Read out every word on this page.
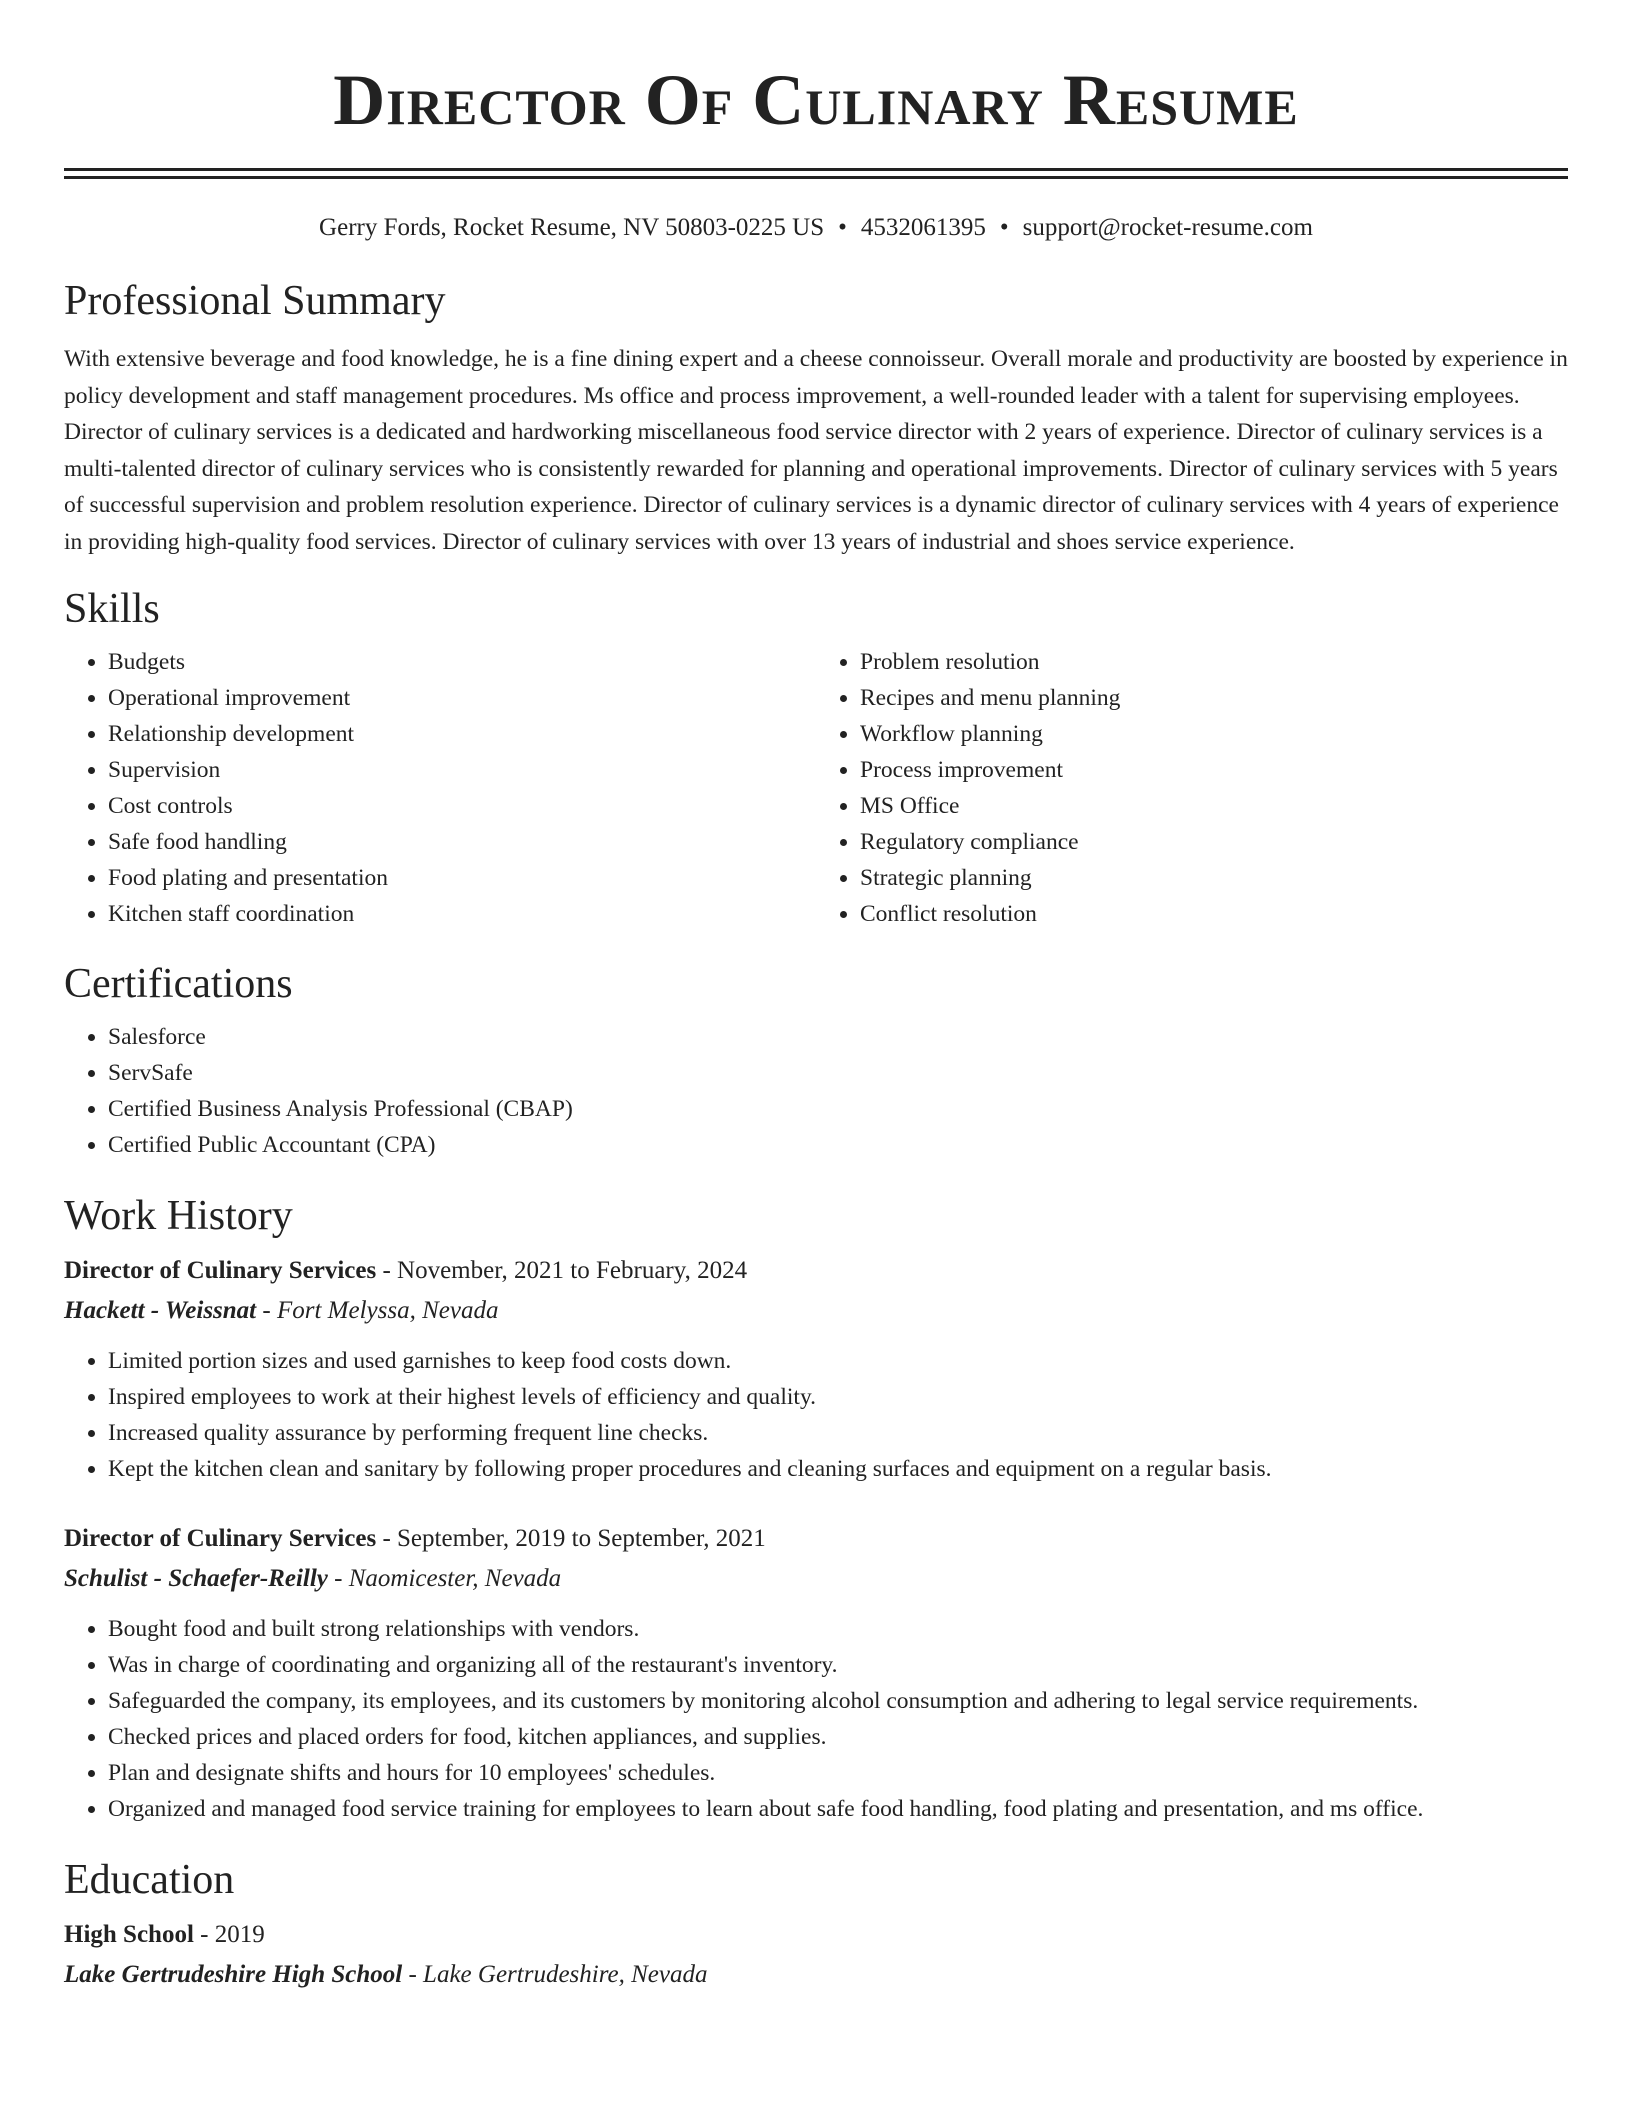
Director Of Culinary Resume
Gerry Fords, Rocket Resume, NV 50803-0225 US • 4532061395 • support@rocket-resume.com
Professional Summary

With extensive beverage and food knowledge, he is a fine dining expert and a cheese connoisseur. Overall morale and productivity are boosted by experience in policy development and staff management procedures. Ms office and process improvement, a well-rounded leader with a talent for supervising employees. Director of culinary services is a dedicated and hardworking miscellaneous food service director with 2 years of experience. Director of culinary services is a multi-talented director of culinary services who is consistently rewarded for planning and operational improvements. Director of culinary services with 5 years of successful supervision and problem resolution experience. Director of culinary services is a dynamic director of culinary services with 4 years of experience in providing high-quality food services. Director of culinary services with over 13 years of industrial and shoes service experience.

Skills
• Budgets
• Operational improvement
• Relationship development
• Supervision
• Cost controls
• Safe food handling
• Food plating and presentation
• Kitchen staff coordination
• Problem resolution
• Recipes and menu planning
• Workflow planning
• Process improvement
• MS Office
• Regulatory compliance
• Strategic planning
• Conflict resolution
Certifications
• Salesforce
• ServSafe
• Certified Business Analysis Professional (CBAP)
• Certified Public Accountant (CPA)
Work History

Director of Culinary Services - November, 2021 to February, 2024

Hackett - Weissnat - Fort Melyssa, Nevada

• Limited portion sizes and used garnishes to keep food costs down.
• Inspired employees to work at their highest levels of efficiency and quality.
• Increased quality assurance by performing frequent line checks.
• Kept the kitchen clean and sanitary by following proper procedures and cleaning surfaces and equipment on a regular basis.

Director of Culinary Services - September, 2019 to September, 2021

Schulist - Schaefer-Reilly - Naomicester, Nevada

• Bought food and built strong relationships with vendors.
• Was in charge of coordinating and organizing all of the restaurant's inventory.
• Safeguarded the company, its employees, and its customers by monitoring alcohol consumption and adhering to legal service requirements.
• Checked prices and placed orders for food, kitchen appliances, and supplies.
• Plan and designate shifts and hours for 10 employees' schedules.
• Organized and managed food service training for employees to learn about safe food handling, food plating and presentation, and ms office.
Education

High School - 2019

Lake Gertrudeshire High School - Lake Gertrudeshire, Nevada
